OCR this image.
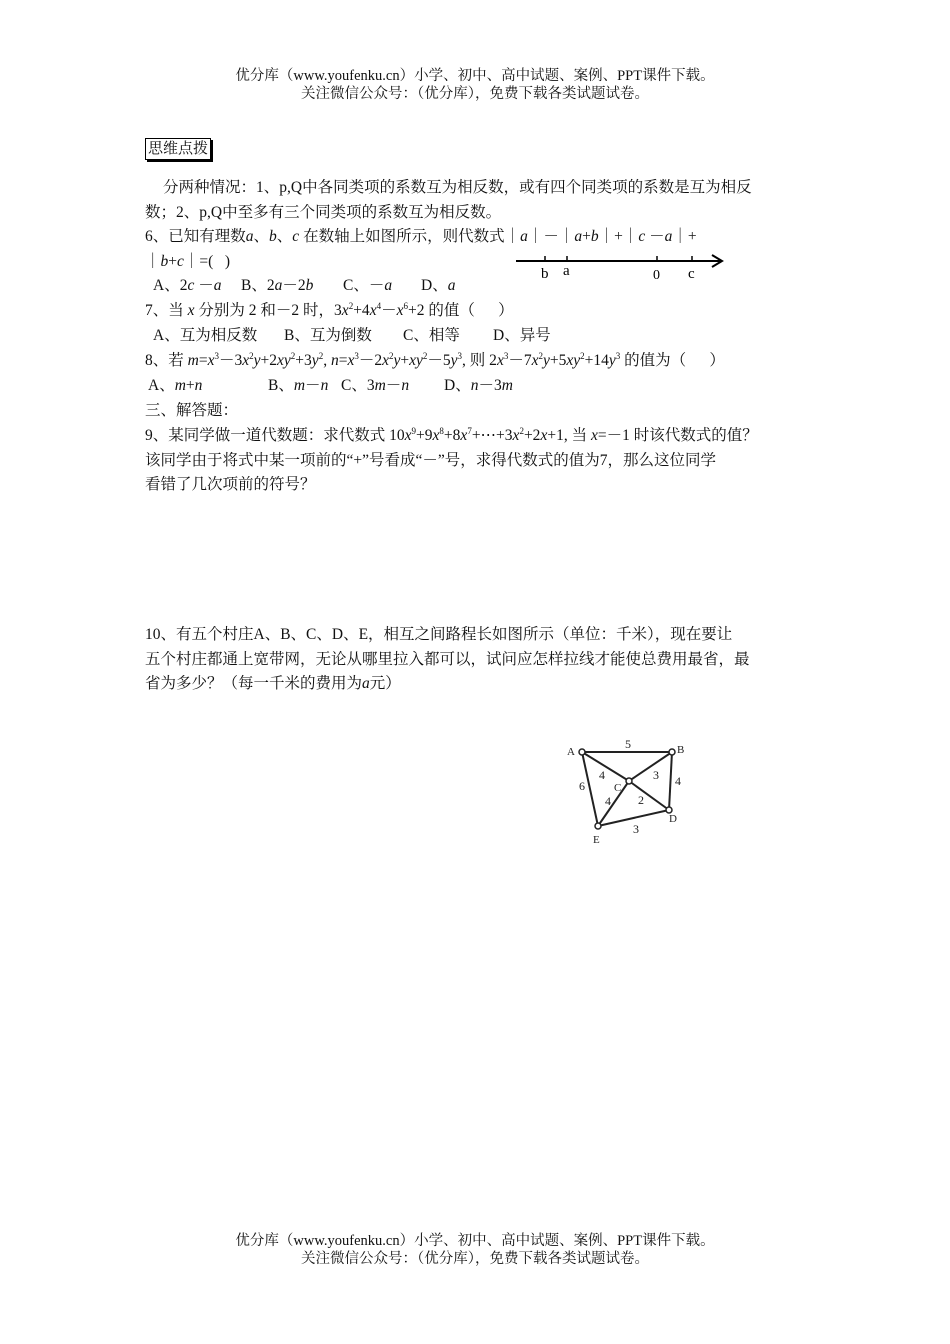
优分库（www.youfenku.cn）小学、初中、高中试题、案例、PPT课件下载。
关注微信公众号：（优分库），免费下载各类试题试卷。
思维点拨
分两种情况：1、p,Q中各同类项的系数互为相反数，或有四个同类项的系数是互为相反
数；2、p,Q中至多有三个同类项的系数互为相反数。
6、已知有理数a、b、c 在数轴上如图所示，则代数式｜a｜－｜a+b｜+｜c －a｜+
｜b+c｜=(   )
A、2c －a B、2a－2b C、－a D、a
b a	0 c
7、当 x 分别为 2 和－2 时，$3x^2+4x^4-x^6+2$ 的值（      ）
A、互为相反数 B、互为倒数 C、相等 D、异号
8、若 $m=x^3-3x^2y+2xy^2+3y^2$, $n=x^3-2x^2y+xy^2-5y^3$, 则 $2x^3-7x^2y+5xy^2+14y^3$ 的值为（      ）
A、m+n	B、m－n C、3m－n D、n－3m
三、解答题：
9、某同学做一道代数题：求代数式 $10x^9+9x^8+8x^7+\cdots+3x^2+2x+1$, 当 x=－1 时该代数式的值？
该同学由于将式中某一项前的“+”号看成“－”号，求得代数式的值为7，那么这位同学
看错了几次项前的符号？
10、有五个村庄A、B、C、D、E，相互之间路程长如图所示（单位：千米），现在要让
五个村庄都通上宽带网，无论从哪里拉入都可以，试问应怎样拉线才能使总费用最省，最
省为多少？（每一千米的费用为a元）
A	B
C
D
E
5
4	3 4
6
4 2
3
优分库（www.youfenku.cn）小学、初中、高中试题、案例、PPT课件下载。
关注微信公众号：（优分库），免费下载各类试题试卷。
